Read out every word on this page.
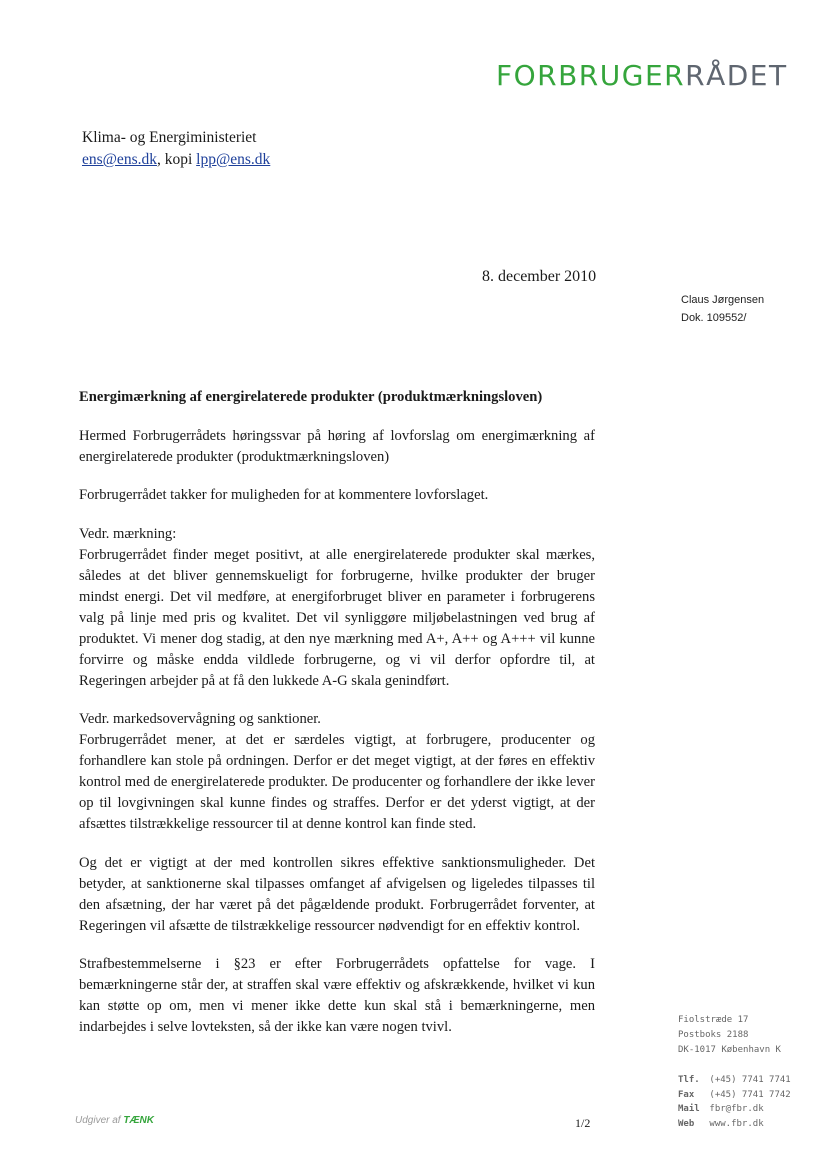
FORBRUGERRÅDET
Klima- og Energiministeriet
ens@ens.dk, kopi lpp@ens.dk
8. december 2010
Claus Jørgensen
Dok. 109552/

Energimærkning af energirelaterede produkter (produktmærkningsloven)

Hermed Forbrugerrådets høringssvar på høring af lovforslag om energimærkning af energirelaterede produkter (produktmærkningsloven)

Forbrugerrådet takker for muligheden for at kommentere lovforslaget.

Vedr. mærkning:

Forbrugerrådet finder meget positivt, at alle energirelaterede produkter skal mærkes, således at det bliver gennemskueligt for forbrugerne, hvilke produkter der bruger mindst energi. Det vil medføre, at energiforbruget bliver en parameter i forbrugerens valg på linje med pris og kvalitet. Det vil synliggøre miljøbelastningen ved brug af produktet. Vi mener dog stadig, at den nye mærkning med A+, A++ og A+++ vil kunne forvirre og måske endda vildlede forbrugerne, og vi vil derfor opfordre til, at Regeringen arbejder på at få den lukkede A-G skala genindført.

Vedr. markedsovervågning og sanktioner.

Forbrugerrådet mener, at det er særdeles vigtigt, at forbrugere, producenter og forhandlere kan stole på ordningen. Derfor er det meget vigtigt, at der føres en effektiv kontrol med de energirelaterede produkter. De producenter og forhandlere der ikke lever op til lovgivningen skal kunne findes og straffes. Derfor er det yderst vigtigt, at der afsættes tilstrækkelige ressourcer til at denne kontrol kan finde sted.

Og det er vigtigt at der med kontrollen sikres effektive sanktionsmuligheder. Det betyder, at sanktionerne skal tilpasses omfanget af afvigelsen og ligeledes tilpasses til den afsætning, der har været på det pågældende produkt. Forbrugerrådet forventer, at Regeringen vil afsætte de tilstrækkelige ressourcer nødvendigt for en effektiv kontrol.

Strafbestemmelserne i §23 er efter Forbrugerrådets opfattelse for vage. I bemærkningerne står der, at straffen skal være effektiv og afskrækkende, hvilket vi kun kan støtte op om, men vi mener ikke dette kun skal stå i bemærkningerne, men indarbejdes i selve lovteksten, så der ikke kan være nogen tvivl.	Fiolstræde 17
Postboks 2188
DK-1017 København K
Tlf. (+45) 7741 7741
Fax (+45) 7741 7742
Mail fbr@fbr.dk
Web www.fbr.dk
Udgiver af TÆNK	1/2
